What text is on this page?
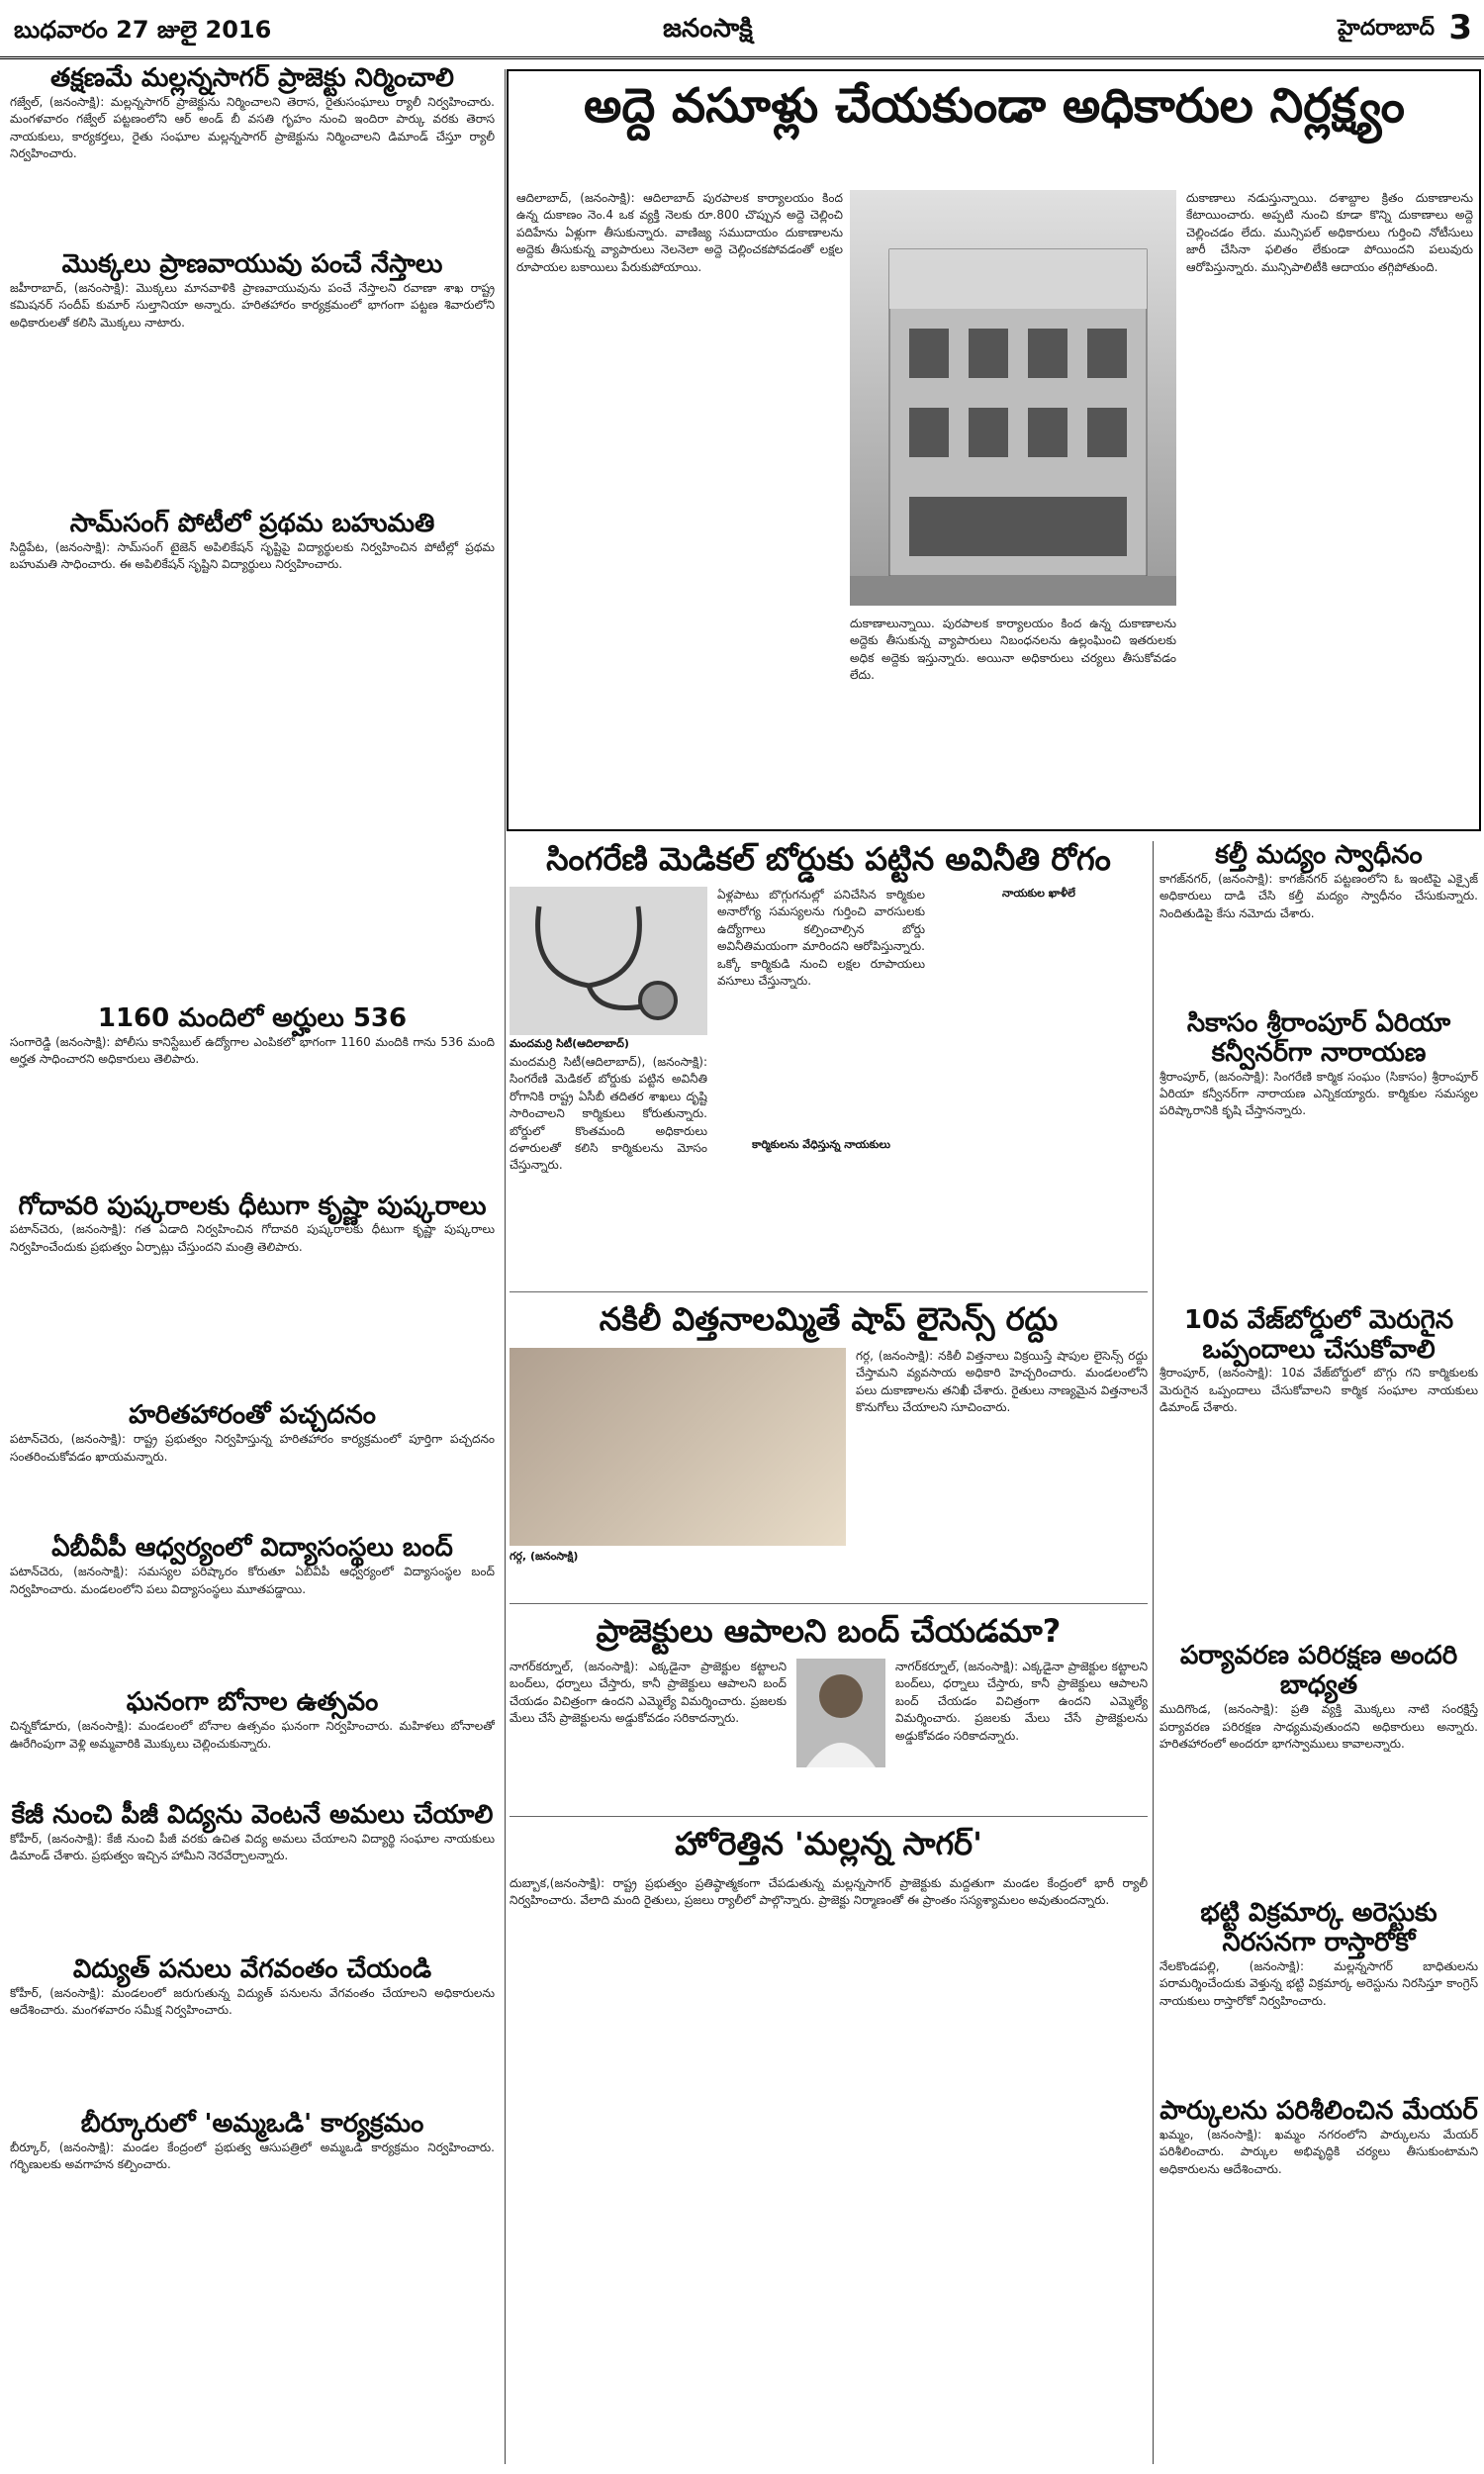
బుధవారం 27 జులై 2016	జనంసాక్షి	హైదరాబాద్ 3
తక్షణమే మల్లన్నసాగర్ ప్రాజెక్టు నిర్మించాలి
గజ్వేల్, (జనంసాక్షి): మల్లన్నసాగర్ ప్రాజెక్టును నిర్మించాలని తెరాస, రైతుసంఘాలు ర్యాలీ నిర్వహించారు. మంగళవారం గజ్వేల్ పట్టణంలోని ఆర్ అండ్ బీ వసతి గృహం నుంచి ఇందిరా పార్కు వరకు తెరాస నాయకులు, కార్యకర్తలు, రైతు సంఘాల మల్లన్నసాగర్ ప్రాజెక్టును నిర్మించాలని డిమాండ్ చేస్తూ ర్యాలీ నిర్వహించారు.
మొక్కలు ప్రాణవాయువు పంచే నేస్తాలు
జహీరాబాద్, (జనంసాక్షి): మొక్కలు మానవాళికి ప్రాణవాయువును పంచే నేస్తాలని రవాణా శాఖ రాష్ట్ర కమిషనర్ సందీప్ కుమార్ సుల్తానియా అన్నారు. హరితహారం కార్యక్రమంలో భాగంగా పట్టణ శివారులోని అధికారులతో కలిసి మొక్కలు నాటారు.
సామ్‌సంగ్ పోటీలో ప్రథమ బహుమతి
సిద్దిపేట, (జనంసాక్షి): సామ్‌సంగ్ టైజెన్ అపిలికేషన్ సృష్టిపై విద్యార్థులకు నిర్వహించిన పోటీల్లో ప్రథమ బహుమతి సాధించారు. ఈ అపిలికేషన్ సృష్టిని విద్యార్థులు నిర్వహించారు.
1160 మందిలో అర్హులు 536
సంగారెడ్డి (జనంసాక్షి): పోలీసు కానిస్టేబుల్ ఉద్యోగాల ఎంపికలో భాగంగా 1160 మందికి గాను 536 మంది అర్హత సాధించారని అధికారులు తెలిపారు.
గోదావరి పుష్కరాలకు ధీటుగా కృష్ణా పుష్కరాలు
పటాన్‌చెరు, (జనంసాక్షి): గత ఏడాది నిర్వహించిన గోదావరి పుష్కరాలకు ధీటుగా కృష్ణా పుష్కరాలు నిర్వహించేందుకు ప్రభుత్వం ఏర్పాట్లు చేస్తుందని మంత్రి తెలిపారు.
హరితహారంతో పచ్చదనం
పటాన్‌చెరు, (జనంసాక్షి): రాష్ట్ర ప్రభుత్వం నిర్వహిస్తున్న హరితహారం కార్యక్రమంలో పూర్తిగా పచ్చదనం సంతరించుకోవడం ఖాయమన్నారు.
ఏబీవీపీ ఆధ్వర్యంలో విద్యాసంస్థలు బంద్
పటాన్‌చెరు, (జనంసాక్షి): సమస్యల పరిష్కారం కోరుతూ ఏబీవీపీ ఆధ్వర్యంలో విద్యాసంస్థల బంద్ నిర్వహించారు. మండలంలోని పలు విద్యాసంస్థలు మూతపడ్డాయి.
ఘనంగా బోనాల ఉత్సవం
చిన్నకోడూరు, (జనంసాక్షి): మండలంలో బోనాల ఉత్సవం ఘనంగా నిర్వహించారు. మహిళలు బోనాలతో ఊరేగింపుగా వెళ్లి అమ్మవారికి మొక్కులు చెల్లించుకున్నారు.
కేజీ నుంచి పీజీ విద్యను వెంటనే అమలు చేయాలి
కోహీర్, (జనంసాక్షి): కేజీ నుంచి పీజీ వరకు ఉచిత విద్య అమలు చేయాలని విద్యార్థి సంఘాల నాయకులు డిమాండ్ చేశారు. ప్రభుత్వం ఇచ్చిన హామీని నెరవేర్చాలన్నారు.
విద్యుత్ పనులు వేగవంతం చేయండి
కోహీర్, (జనంసాక్షి): మండలంలో జరుగుతున్న విద్యుత్ పనులను వేగవంతం చేయాలని అధికారులను ఆదేశించారు. మంగళవారం సమీక్ష నిర్వహించారు.
బీర్కూరులో 'అమ్మఒడి' కార్యక్రమం
బీర్కూర్, (జనంసాక్షి): మండల కేంద్రంలో ప్రభుత్వ ఆసుపత్రిలో అమ్మఒడి కార్యక్రమం నిర్వహించారు. గర్భిణులకు అవగాహన కల్పించారు.
అద్దె వసూళ్లు చేయకుండా అధికారుల నిర్లక్ష్యం
ఆదిలాబాద్, (జనంసాక్షి): ఆదిలాబాద్ పురపాలక కార్యాలయం కింద ఉన్న దుకాణం నెం.4 ఒక వ్యక్తి నెలకు రూ.800 చొప్పున అద్దె చెల్లించి పదిహేను ఏళ్లుగా తీసుకున్నారు. వాణిజ్య సముదాయం దుకాణాలను అద్దెకు తీసుకున్న వ్యాపారులు నెలనెలా అద్దె చెల్లించకపోవడంతో లక్షల రూపాయల బకాయిలు పేరుకుపోయాయి.
దుకాణాలున్నాయి. పురపాలక కార్యాలయం కింద ఉన్న దుకాణాలను అద్దెకు తీసుకున్న వ్యాపారులు నిబంధనలను ఉల్లంఘించి ఇతరులకు అధిక అద్దెకు ఇస్తున్నారు. అయినా అధికారులు చర్యలు తీసుకోవడం లేదు.
దుకాణాలు నడుస్తున్నాయి. దశాబ్దాల క్రితం దుకాణాలను కేటాయించారు. అప్పటి నుంచి కూడా కొన్ని దుకాణాలు అద్దె చెల్లించడం లేదు. మున్సిపల్ అధికారులు గుర్తించి నోటీసులు జారీ చేసినా ఫలితం లేకుండా పోయిందని పలువురు ఆరోపిస్తున్నారు. మున్సిపాలిటీకి ఆదాయం తగ్గిపోతుంది.
సింగరేణి మెడికల్ బోర్డుకు పట్టిన అవినీతి రోగం
మందమర్రి సిటీ(ఆదిలాబాద్)
మందమర్రి సిటీ(ఆదిలాబాద్), (జనంసాక్షి): సింగరేణి మెడికల్ బోర్డుకు పట్టిన అవినీతి రోగానికి రాష్ట్ర ఏసీబీ తదితర శాఖలు దృష్టి సారించాలని కార్మికులు కోరుతున్నారు. బోర్డులో కొంతమంది అధికారులు దళారులతో కలిసి కార్మికులను మోసం చేస్తున్నారు.
ఏళ్లపాటు బొగ్గుగనుల్లో పనిచేసిన కార్మికుల అనారోగ్య సమస్యలను గుర్తించి వారసులకు ఉద్యోగాలు కల్పించాల్సిన బోర్డు అవినీతిమయంగా మారిందని ఆరోపిస్తున్నారు. ఒక్కో కార్మికుడి నుంచి లక్షల రూపాయలు వసూలు చేస్తున్నారు.
నాయకుల ఖాళీలే
కార్మికులను వేధిస్తున్న నాయకులు
నకిలీ విత్తనాలమ్మితే షాప్ లైసెన్స్ రద్దు
గర్గ, (జనంసాక్షి)
గర్గ, (జనంసాక్షి): నకిలీ విత్తనాలు విక్రయిస్తే షాపుల లైసెన్స్ రద్దు చేస్తామని వ్యవసాయ అధికారి హెచ్చరించారు. మండలంలోని పలు దుకాణాలను తనిఖీ చేశారు. రైతులు నాణ్యమైన విత్తనాలనే కొనుగోలు చేయాలని సూచించారు.
ప్రాజెక్టులు ఆపాలని బంద్ చేయడమా?
నాగర్‌కర్నూల్, (జనంసాక్షి): ఎక్కడైనా ప్రాజెక్టుల కట్టాలని బంద్‌లు, ధర్నాలు చేస్తారు, కానీ ప్రాజెక్టులు ఆపాలని బంద్ చేయడం విచిత్రంగా ఉందని ఎమ్మెల్యే విమర్శించారు. ప్రజలకు మేలు చేసే ప్రాజెక్టులను అడ్డుకోవడం సరికాదన్నారు.
నాగర్‌కర్నూల్, (జనంసాక్షి): ఎక్కడైనా ప్రాజెక్టుల కట్టాలని బంద్‌లు, ధర్నాలు చేస్తారు, కానీ ప్రాజెక్టులు ఆపాలని బంద్ చేయడం విచిత్రంగా ఉందని ఎమ్మెల్యే విమర్శించారు. ప్రజలకు మేలు చేసే ప్రాజెక్టులను అడ్డుకోవడం సరికాదన్నారు.
హోరెత్తిన 'మల్లన్న సాగర్'
దుబ్బాక,(జనంసాక్షి): రాష్ట్ర ప్రభుత్వం ప్రతిష్ఠాత్మకంగా చేపడుతున్న మల్లన్నసాగర్ ప్రాజెక్టుకు మద్దతుగా మండల కేంద్రంలో భారీ ర్యాలీ నిర్వహించారు. వేలాది మంది రైతులు, ప్రజలు ర్యాలీలో పాల్గొన్నారు. ప్రాజెక్టు నిర్మాణంతో ఈ ప్రాంతం సస్యశ్యామలం అవుతుందన్నారు.
కల్తీ మద్యం స్వాధీనం
కాగజ్‌నగర్, (జనంసాక్షి): కాగజ్‌నగర్ పట్టణంలోని ఓ ఇంటిపై ఎక్సైజ్ అధికారులు దాడి చేసి కల్తీ మద్యం స్వాధీనం చేసుకున్నారు. నిందితుడిపై కేసు నమోదు చేశారు.
సికాసం శ్రీరాంపూర్ ఏరియా కన్వీనర్‌గా నారాయణ
శ్రీరాంపూర్, (జనంసాక్షి): సింగరేణి కార్మిక సంఘం (సికాసం) శ్రీరాంపూర్ ఏరియా కన్వీనర్‌గా నారాయణ ఎన్నికయ్యారు. కార్మికుల సమస్యల పరిష్కారానికి కృషి చేస్తానన్నారు.
10వ వేజ్‌బోర్డులో మెరుగైన ఒప్పందాలు చేసుకోవాలి
శ్రీరాంపూర్, (జనంసాక్షి): 10వ వేజ్‌బోర్డులో బొగ్గు గని కార్మికులకు మెరుగైన ఒప్పందాలు చేసుకోవాలని కార్మిక సంఘాల నాయకులు డిమాండ్ చేశారు.
పర్యావరణ పరిరక్షణ అందరి బాధ్యత
ముదిగొండ, (జనంసాక్షి): ప్రతి వ్యక్తి మొక్కలు నాటి సంరక్షిస్తే పర్యావరణ పరిరక్షణ సాధ్యమవుతుందని అధికారులు అన్నారు. హరితహారంలో అందరూ భాగస్వాములు కావాలన్నారు.
భట్టి విక్రమార్క అరెస్టుకు నిరసనగా రాస్తారోకో
నేలకొండపల్లి, (జనంసాక్షి): మల్లన్నసాగర్ బాధితులను పరామర్శించేందుకు వెళ్తున్న భట్టి విక్రమార్క అరెస్టును నిరసిస్తూ కాంగ్రెస్ నాయకులు రాస్తారోకో నిర్వహించారు.
పార్కులను పరిశీలించిన మేయర్
ఖమ్మం, (జనంసాక్షి): ఖమ్మం నగరంలోని పార్కులను మేయర్ పరిశీలించారు. పార్కుల అభివృద్ధికి చర్యలు తీసుకుంటామని అధికారులను ఆదేశించారు.
